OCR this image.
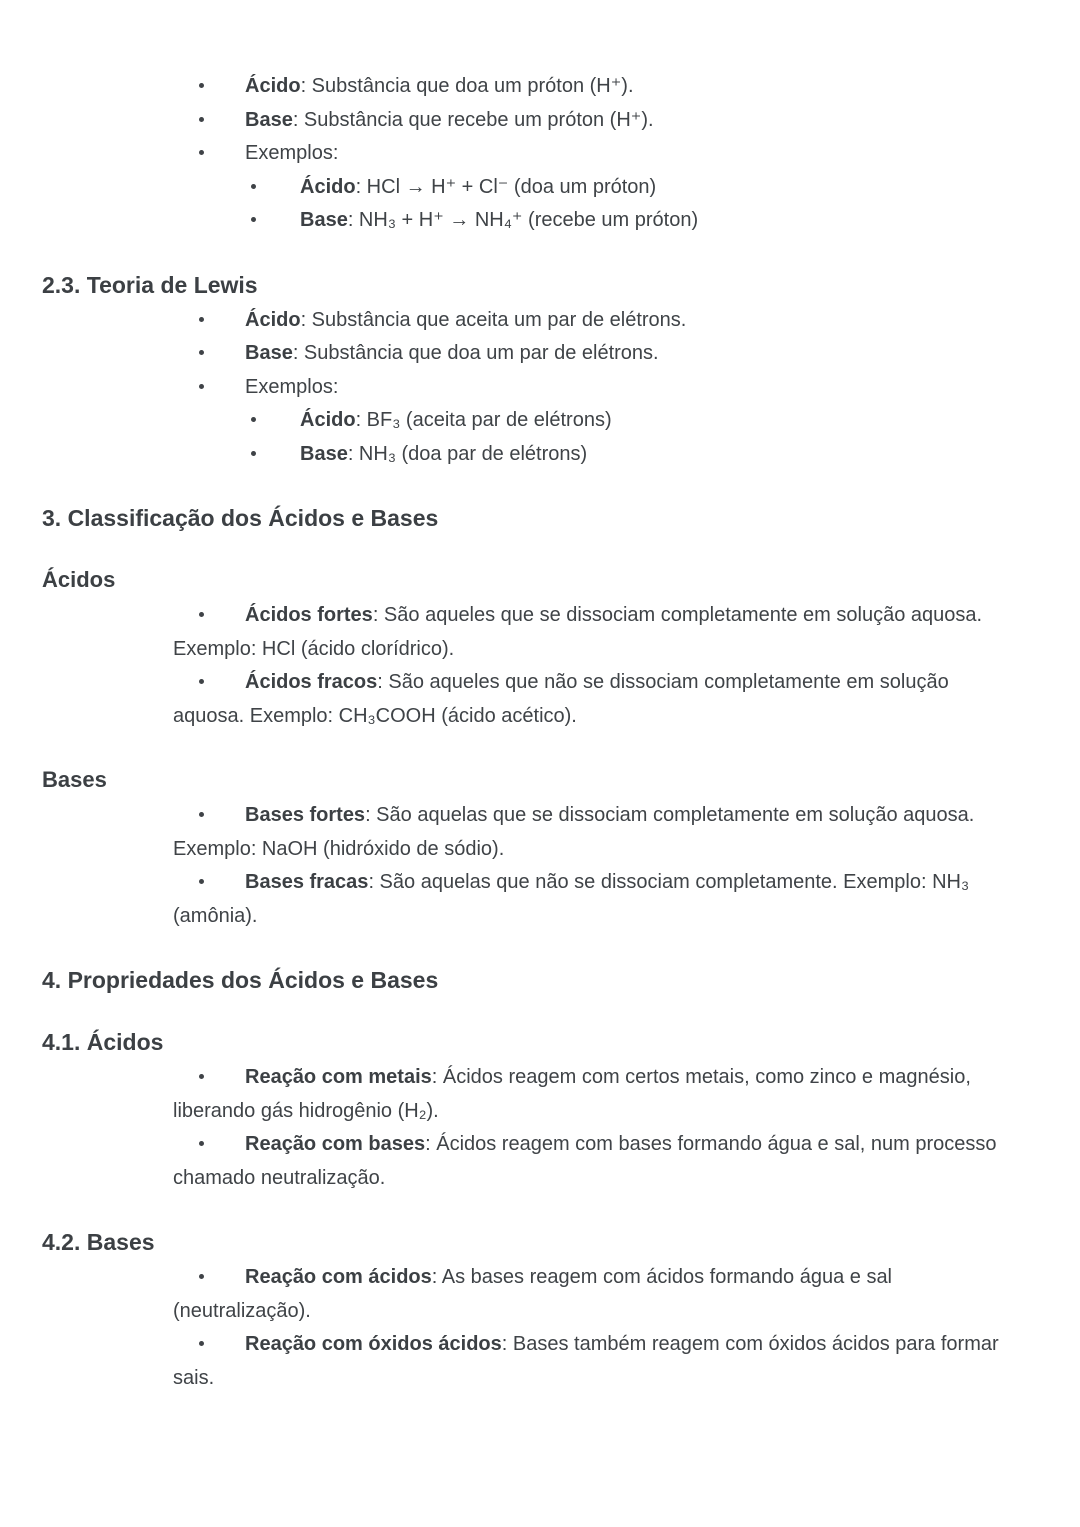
Ácido: Substância que doa um próton (H⁺).

Base: Substância que recebe um próton (H⁺).

Exemplos:

Ácido: HCl → H⁺ + Cl⁻ (doa um próton)

Base: NH₃ + H⁺ → NH₄⁺ (recebe um próton)

2.3. Teoria de Lewis

Ácido: Substância que aceita um par de elétrons.

Base: Substância que doa um par de elétrons.

Exemplos:

Ácido: BF₃ (aceita par de elétrons)

Base: NH₃ (doa par de elétrons)

3. Classificação dos Ácidos e Bases
Ácidos

Ácidos fortes: São aqueles que se dissociam completamente em solução aquosa. Exemplo: HCl (ácido clorídrico).

Ácidos fracos: São aqueles que não se dissociam completamente em solução aquosa. Exemplo: CH₃COOH (ácido acético).

Bases

Bases fortes: São aquelas que se dissociam completamente em solução aquosa. Exemplo: NaOH (hidróxido de sódio).

Bases fracas: São aquelas que não se dissociam completamente. Exemplo: NH₃ (amônia).

4. Propriedades dos Ácidos e Bases
4.1. Ácidos

Reação com metais: Ácidos reagem com certos metais, como zinco e magnésio, liberando gás hidrogênio (H₂).

Reação com bases: Ácidos reagem com bases formando água e sal, num processo chamado neutralização.

4.2. Bases

Reação com ácidos: As bases reagem com ácidos formando água e sal (neutralização).

Reação com óxidos ácidos: Bases também reagem com óxidos ácidos para formar sais.
